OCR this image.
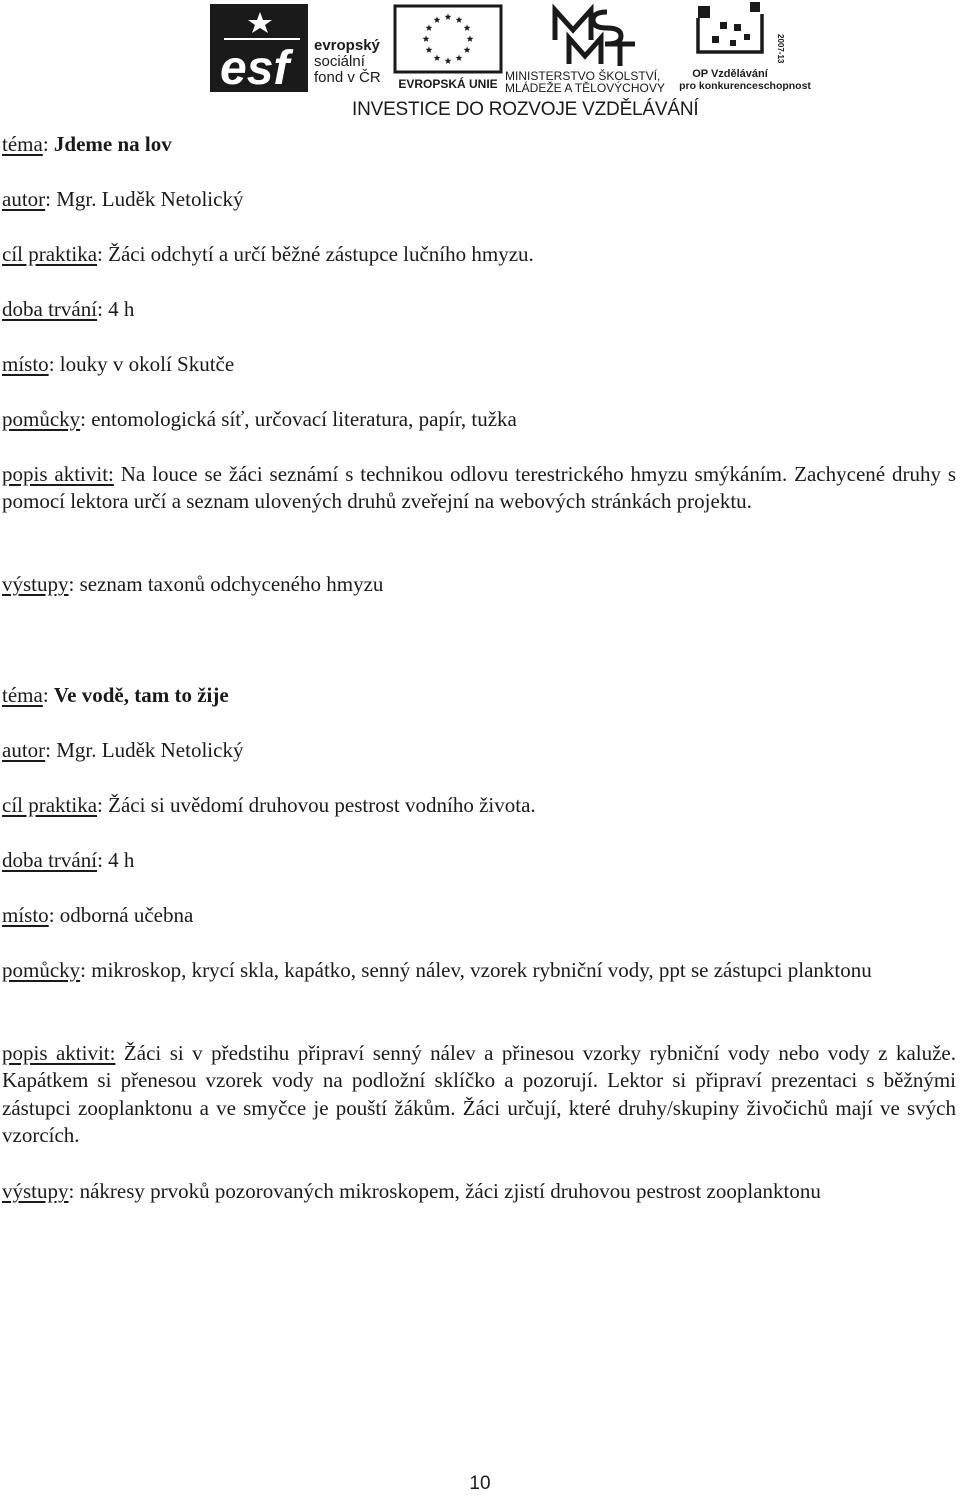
esf evropský
sociální
fond v ČR EVROPSKÁ UNIE
MINISTERSTVO ŠKOLSTVÍ,
MLÁDEŽE A TĚLOVÝCHOVY
2007-13
OP Vzdělávání
pro konkurenceschopnost
INVESTICE DO ROZVOJE VZDĚLÁVÁNÍ
téma: Jdeme na lov
autor: Mgr. Luděk Netolický
cíl praktika: Žáci odchytí a určí běžné zástupce lučního hmyzu.
doba trvání: 4 h
místo: louky v okolí Skutče
pomůcky: entomologická síť, určovací literatura, papír, tužka
popis aktivit: Na louce se žáci seznámí s technikou odlovu terestrického hmyzu smýkáním. Zachycené druhy s pomocí lektora určí a seznam ulovených druhů zveřejní na webových stránkách projektu.
výstupy: seznam taxonů odchyceného hmyzu
téma: Ve vodě, tam to žije
autor: Mgr. Luděk Netolický
cíl praktika: Žáci si uvědomí druhovou pestrost vodního života.
doba trvání: 4 h
místo: odborná učebna
pomůcky: mikroskop, krycí skla, kapátko, senný nálev, vzorek rybniční vody, ppt se zástupci planktonu
popis aktivit: Žáci si v předstihu připraví senný nálev a přinesou vzorky rybniční vody nebo vody z kaluže. Kapátkem si přenesou vzorek vody na podložní sklíčko a pozorují. Lektor si připraví prezentaci s běžnými zástupci zooplanktonu a ve smyčce je pouští žákům. Žáci určují, které druhy/skupiny živočichů mají ve svých vzorcích.
výstupy: nákresy prvoků pozorovaných mikroskopem, žáci zjistí druhovou pestrost zooplanktonu
10
